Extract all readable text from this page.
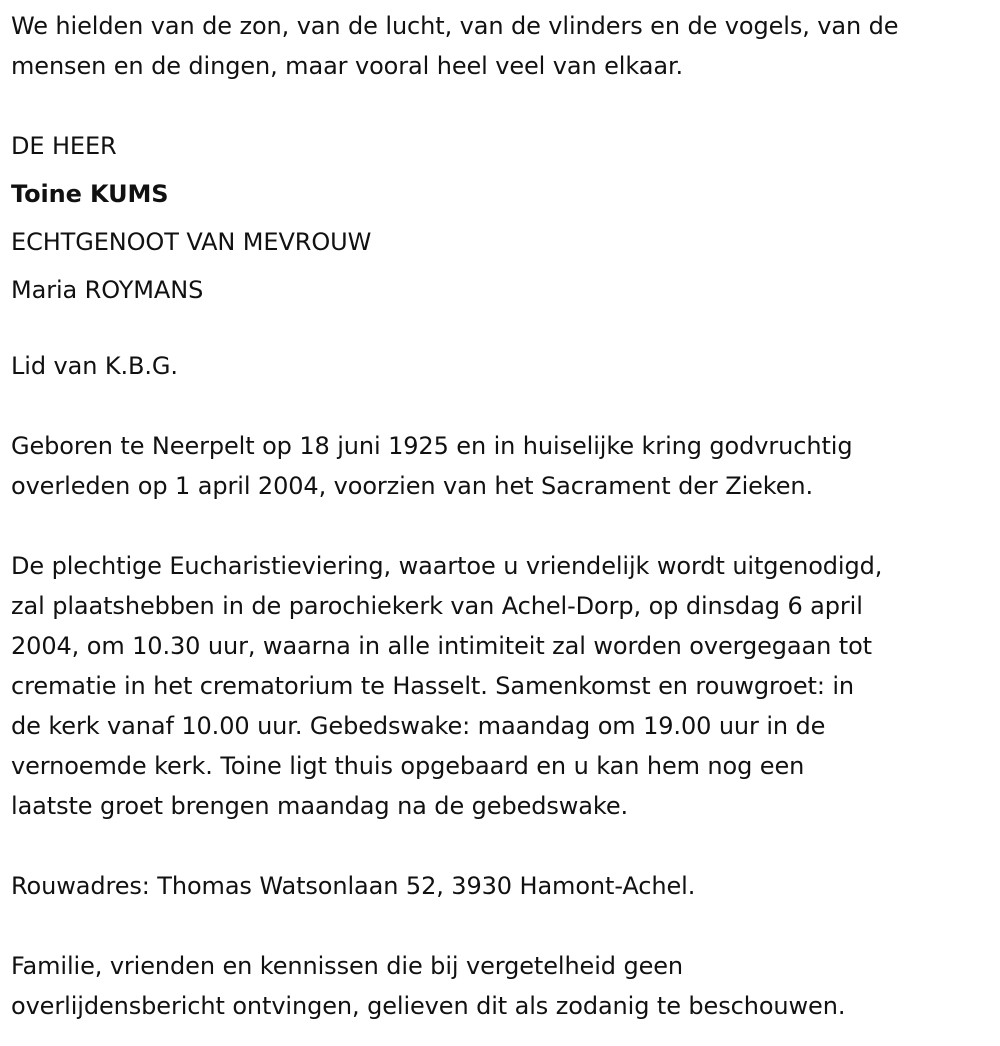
We hielden van de zon, van de lucht, van de vlinders en de vogels, van de
mensen en de dingen, maar vooral heel veel van elkaar.
DE HEER
Toine KUMS
ECHTGENOOT VAN MEVROUW
Maria ROYMANS
Lid van K.B.G.
Geboren te Neerpelt op 18 juni 1925 en in huiselijke kring godvruchtig
overleden op 1 april 2004, voorzien van het Sacrament der Zieken.
De plechtige Eucharistieviering, waartoe u vriendelijk wordt uitgenodigd,
zal plaatshebben in de parochiekerk van Achel-Dorp, op dinsdag 6 april
2004, om 10.30 uur, waarna in alle intimiteit zal worden overgegaan tot
crematie in het crematorium te Hasselt. Samenkomst en rouwgroet: in
de kerk vanaf 10.00 uur. Gebedswake: maandag om 19.00 uur in de
vernoemde kerk. Toine ligt thuis opgebaard en u kan hem nog een
laatste groet brengen maandag na de gebedswake.
Rouwadres: Thomas Watsonlaan 52, 3930 Hamont-Achel.
Familie, vrienden en kennissen die bij vergetelheid geen
overlijdensbericht ontvingen, gelieven dit als zodanig te beschouwen.
